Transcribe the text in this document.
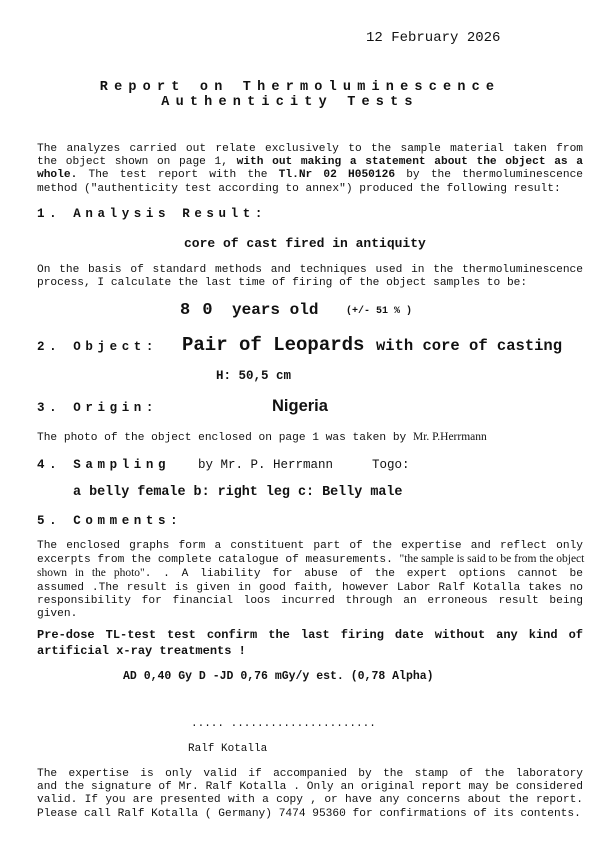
12 February 2026
Report on Thermoluminescence
Authenticity Tests
The analyzes carried out relate exclusively to the sample material taken from
the object shown on page 1, with out making a statement about the object as a
whole. The test report with the Tl.Nr 02 H050126 by the thermoluminescence
method ("authenticity test according to annex") produced the following result:
1. Analysis Result:
core of cast fired in antiquity
On the basis of standard methods and techniques used in the thermoluminescence
process, I calculate the last time of firing of the object samples to be:
8 0 years old	(+/- 51 % )
2. Object: Pair of Leopards with core of casting
H: 50,5 cm
3. Origin:	Nigeria
The photo of the object enclosed on page 1 was taken by Mr. P.Herrmann
4. Sampling by Mr. P. Herrmann	Togo:
a belly female b: right leg c: Belly male
5. Comments:
The enclosed graphs form a constituent part of the expertise and reflect only
excerpts from the complete catalogue of measurements. "the sample is said to be from the object
shown in the photo". . A liability for abuse of the expert options cannot be
assumed .The result is given in good faith, however Labor Ralf Kotalla takes no
responsibility for financial loos incurred through an erroneous result being
given.
Pre-dose TL-test test confirm the last firing date without any kind of
artificial x-ray treatments !
AD 0,40 Gy D -JD 0,76 mGy/y est. (0,78 Alpha)
..... ......................
Ralf Kotalla
The expertise is only valid if accompanied by the stamp of the laboratory
and the signature of Mr. Ralf Kotalla . Only an original report may be considered
valid. If you are presented with a copy , or have any concerns about the report.
Please call Ralf Kotalla ( Germany) 7474 95360 for confirmations of its contents.
